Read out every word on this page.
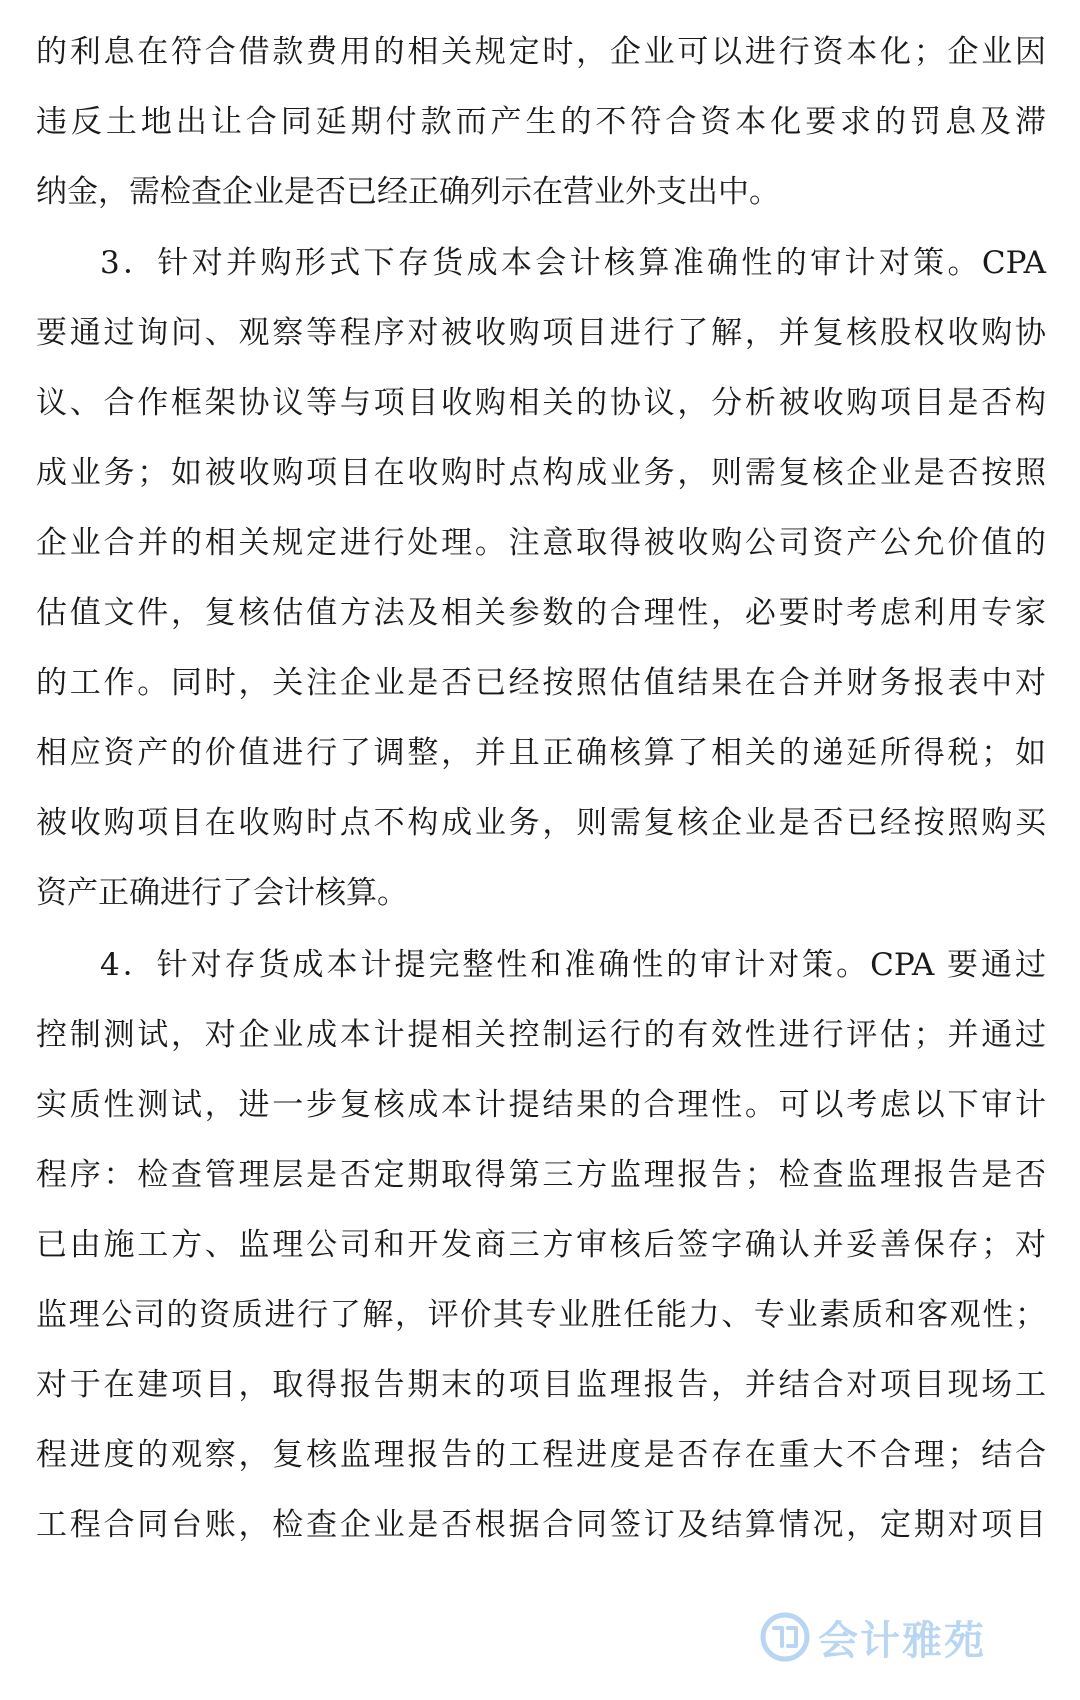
的利息在符合借款费用的相关规定时，企业可以进行资本化；企业因
违反土地出让合同延期付款而产生的不符合资本化要求的罚息及滞
纳金，需检查企业是否已经正确列示在营业外支出中。
3．针对并购形式下存货成本会计核算准确性的审计对策。CPA
要通过询问、观察等程序对被收购项目进行了解，并复核股权收购协
议、合作框架协议等与项目收购相关的协议，分析被收购项目是否构
成业务；如被收购项目在收购时点构成业务，则需复核企业是否按照
企业合并的相关规定进行处理。注意取得被收购公司资产公允价值的
估值文件，复核估值方法及相关参数的合理性，必要时考虑利用专家
的工作。同时，关注企业是否已经按照估值结果在合并财务报表中对
相应资产的价值进行了调整，并且正确核算了相关的递延所得税；如
被收购项目在收购时点不构成业务，则需复核企业是否已经按照购买
资产正确进行了会计核算。
4．针对存货成本计提完整性和准确性的审计对策。CPA 要通过
控制测试，对企业成本计提相关控制运行的有效性进行评估；并通过
实质性测试，进一步复核成本计提结果的合理性。可以考虑以下审计
程序：检查管理层是否定期取得第三方监理报告；检查监理报告是否
已由施工方、监理公司和开发商三方审核后签字确认并妥善保存；对
监理公司的资质进行了解，评价其专业胜任能力、专业素质和客观性；
对于在建项目，取得报告期末的项目监理报告，并结合对项目现场工
程进度的观察，复核监理报告的工程进度是否存在重大不合理；结合
工程合同台账，检查企业是否根据合同签订及结算情况，定期对项目
会计雅苑
